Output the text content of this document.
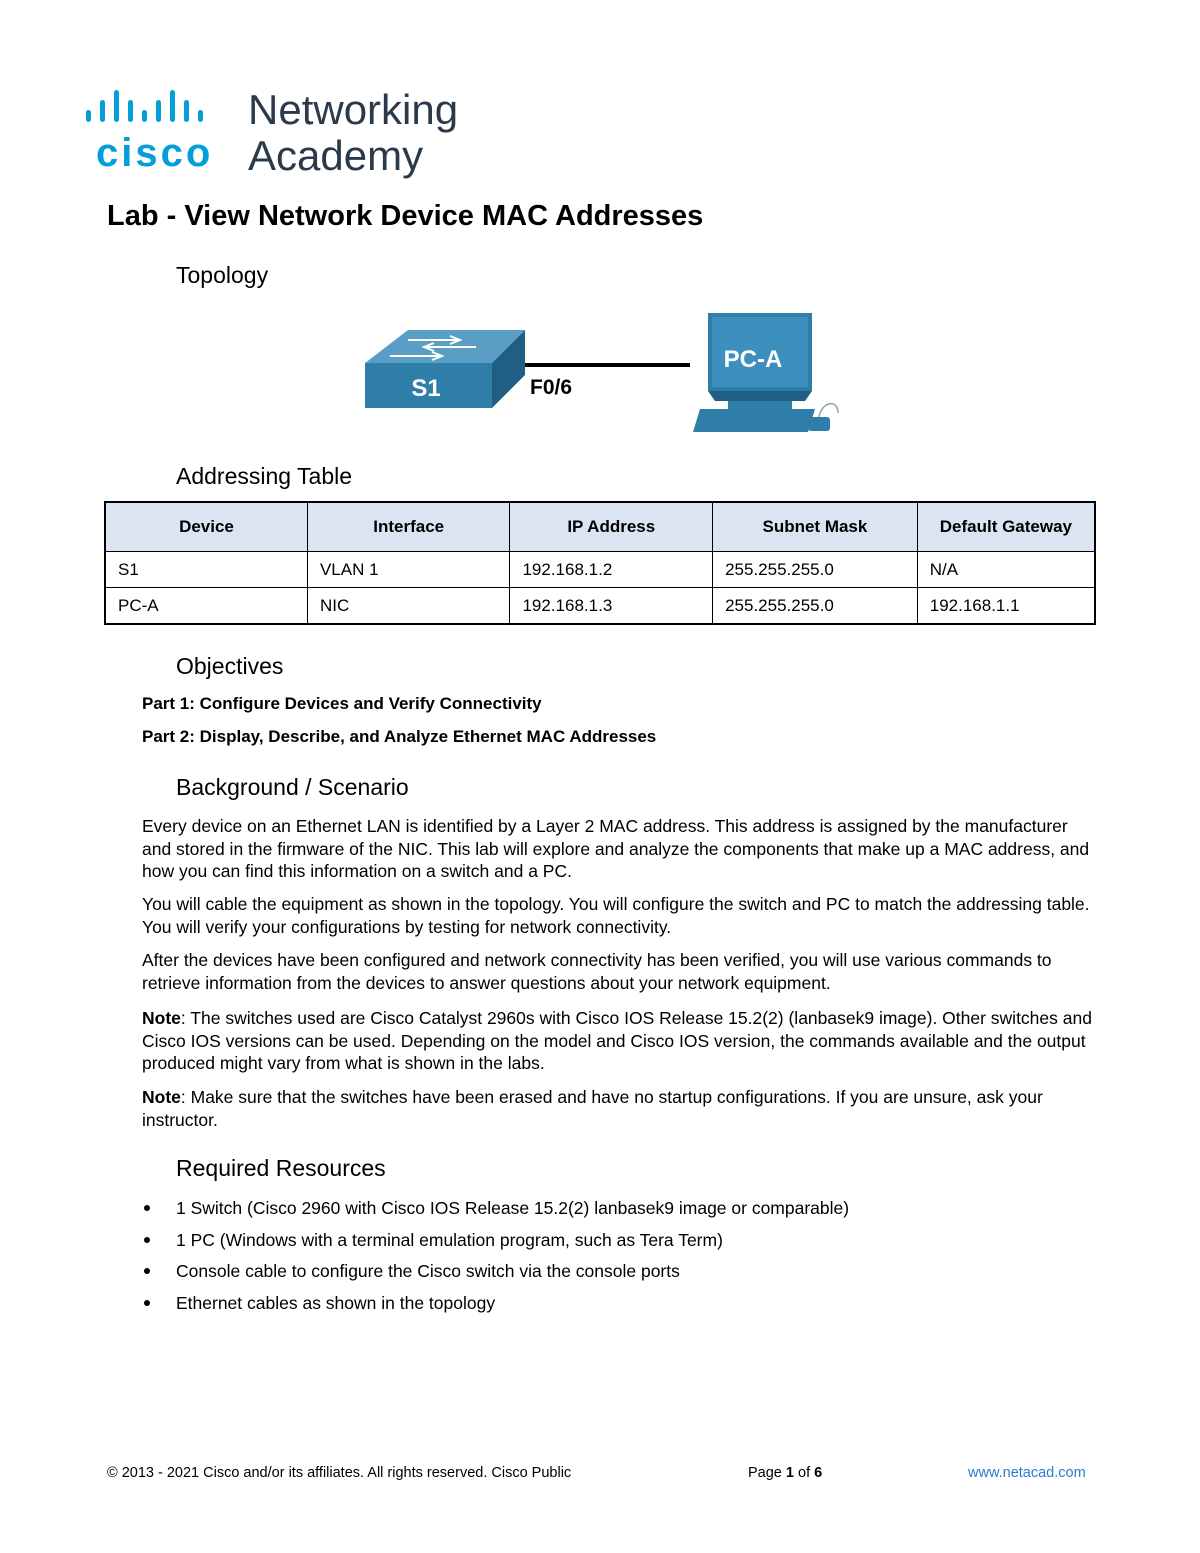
cisco
Networking
Academy
Lab - View Network Device MAC Addresses
Topology
S1	F0/6
PC-A
Addressing Table
Device	Interface	IP Address	Subnet Mask	Default Gateway
S1	VLAN 1	192.168.1.2	255.255.255.0	N/A
PC-A	NIC	192.168.1.3	255.255.255.0	192.168.1.1
Objectives
Part 1: Configure Devices and Verify Connectivity
Part 2: Display, Describe, and Analyze Ethernet MAC Addresses
Background / Scenario

Every device on an Ethernet LAN is identified by a Layer 2 MAC address. This address is assigned by the manufacturer and stored in the firmware of the NIC. This lab will explore and analyze the components that make up a MAC address, and how you can find this information on a switch and a PC.

You will cable the equipment as shown in the topology. You will configure the switch and PC to match the addressing table. You will verify your configurations by testing for network connectivity.

After the devices have been configured and network connectivity has been verified, you will use various commands to retrieve information from the devices to answer questions about your network equipment.

Note: The switches used are Cisco Catalyst 2960s with Cisco IOS Release 15.2(2) (lanbasek9 image). Other switches and Cisco IOS versions can be used. Depending on the model and Cisco IOS version, the commands available and the output produced might vary from what is shown in the labs.

Note: Make sure that the switches have been erased and have no startup configurations. If you are unsure, ask your instructor.

Required Resources
1 Switch (Cisco 2960 with Cisco IOS Release 15.2(2) lanbasek9 image or comparable)
1 PC (Windows with a terminal emulation program, such as Tera Term)
Console cable to configure the Cisco switch via the console ports
Ethernet cables as shown in the topology
© 2013 - 2021 Cisco and/or its affiliates. All rights reserved. Cisco Public	Page 1 of 6	www.netacad.com
